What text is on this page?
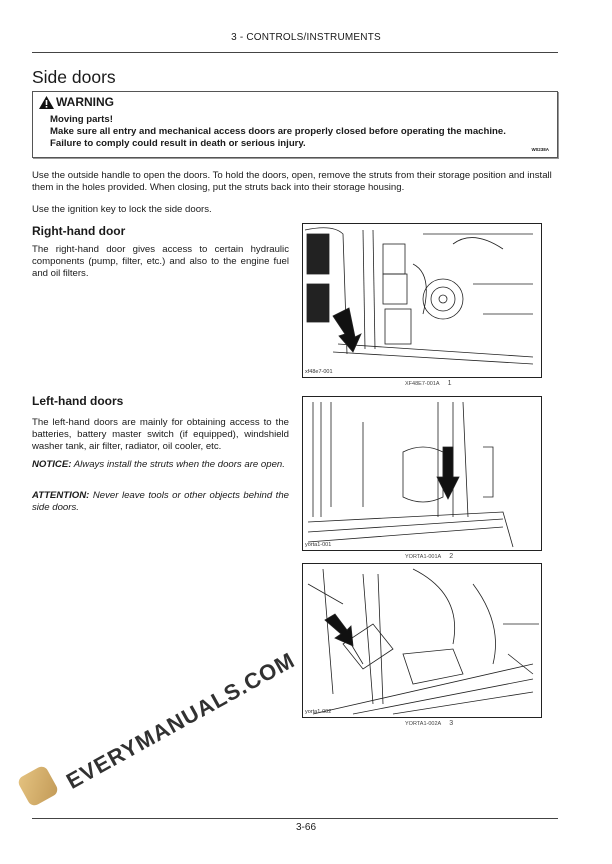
3 - CONTROLS/INSTRUMENTS
Side doors
WARNING
Moving parts!
Make sure all entry and mechanical access doors are properly closed before operating the machine.
Failure to comply could result in death or serious injury.
W0238A
Use the outside handle to open the doors. To hold the doors, open, remove the struts from their storage position and install them in the holes provided. When closing, put the struts back into their storage housing.
Use the ignition key to lock the side doors.
Right-hand door
The right-hand door gives access to certain hydraulic components (pump, filter, etc.) and also to the engine fuel and oil filters.
Left-hand doors
The left-hand doors are mainly for obtaining access to the batteries, battery master switch (if equipped), windshield washer tank, air filter, radiator, oil cooler, etc.
NOTICE: Always install the struts when the doors are open.
ATTENTION: Never leave tools or other objects behind the side doors.
xf48e7-001
XF48E7-001A 1
yorta1-001
YORTA1-001A 2
yorta1-002
YORTA1-002A 3
EVERYMANUALS.COM
3-66
